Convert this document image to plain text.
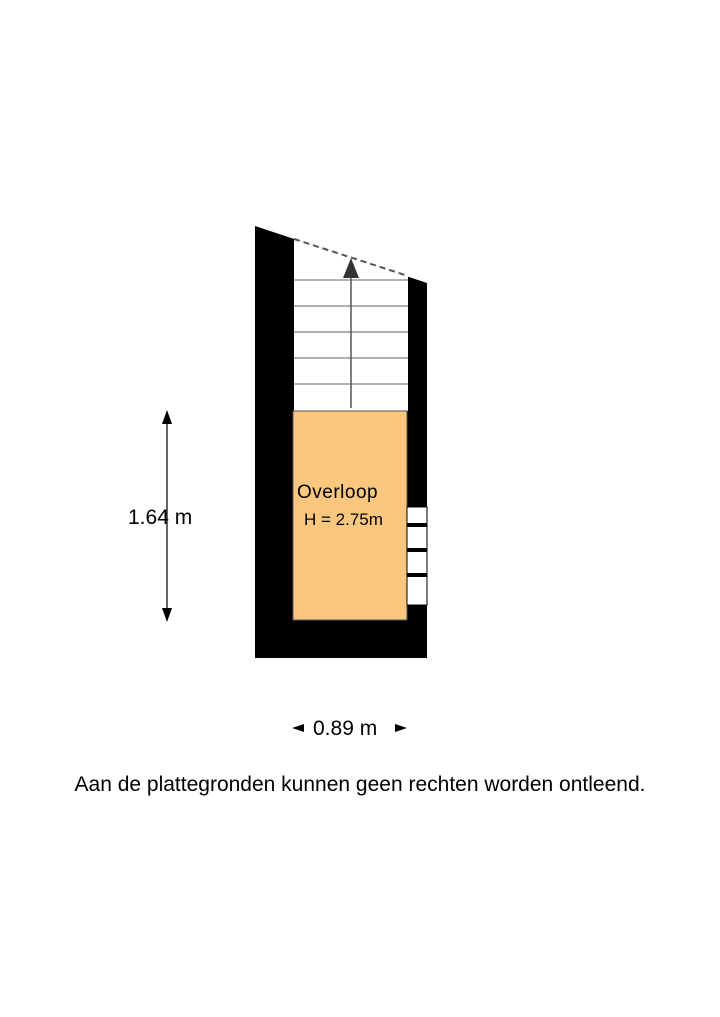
Overloop
H = 2.75m
1.64 m
0.89 m
Aan de plattegronden kunnen geen rechten worden ontleend.
